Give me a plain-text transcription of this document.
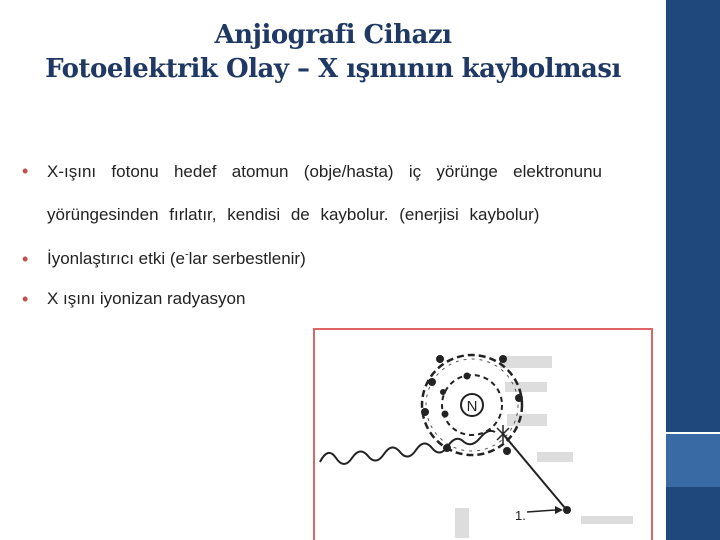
Anjiografi Cihazı
Fotoelektrik Olay – X ışınının kaybolması

• X-ışını fotonu hedef atomun (obje/hasta) iç yörünge elektronunu yörüngesinden fırlatır, kendisi de kaybolur. (enerjisi kaybolur)

• İyonlaştırıcı etki (e-lar serbestlenir)

• X ışını iyonizan radyasyon

N
1.
